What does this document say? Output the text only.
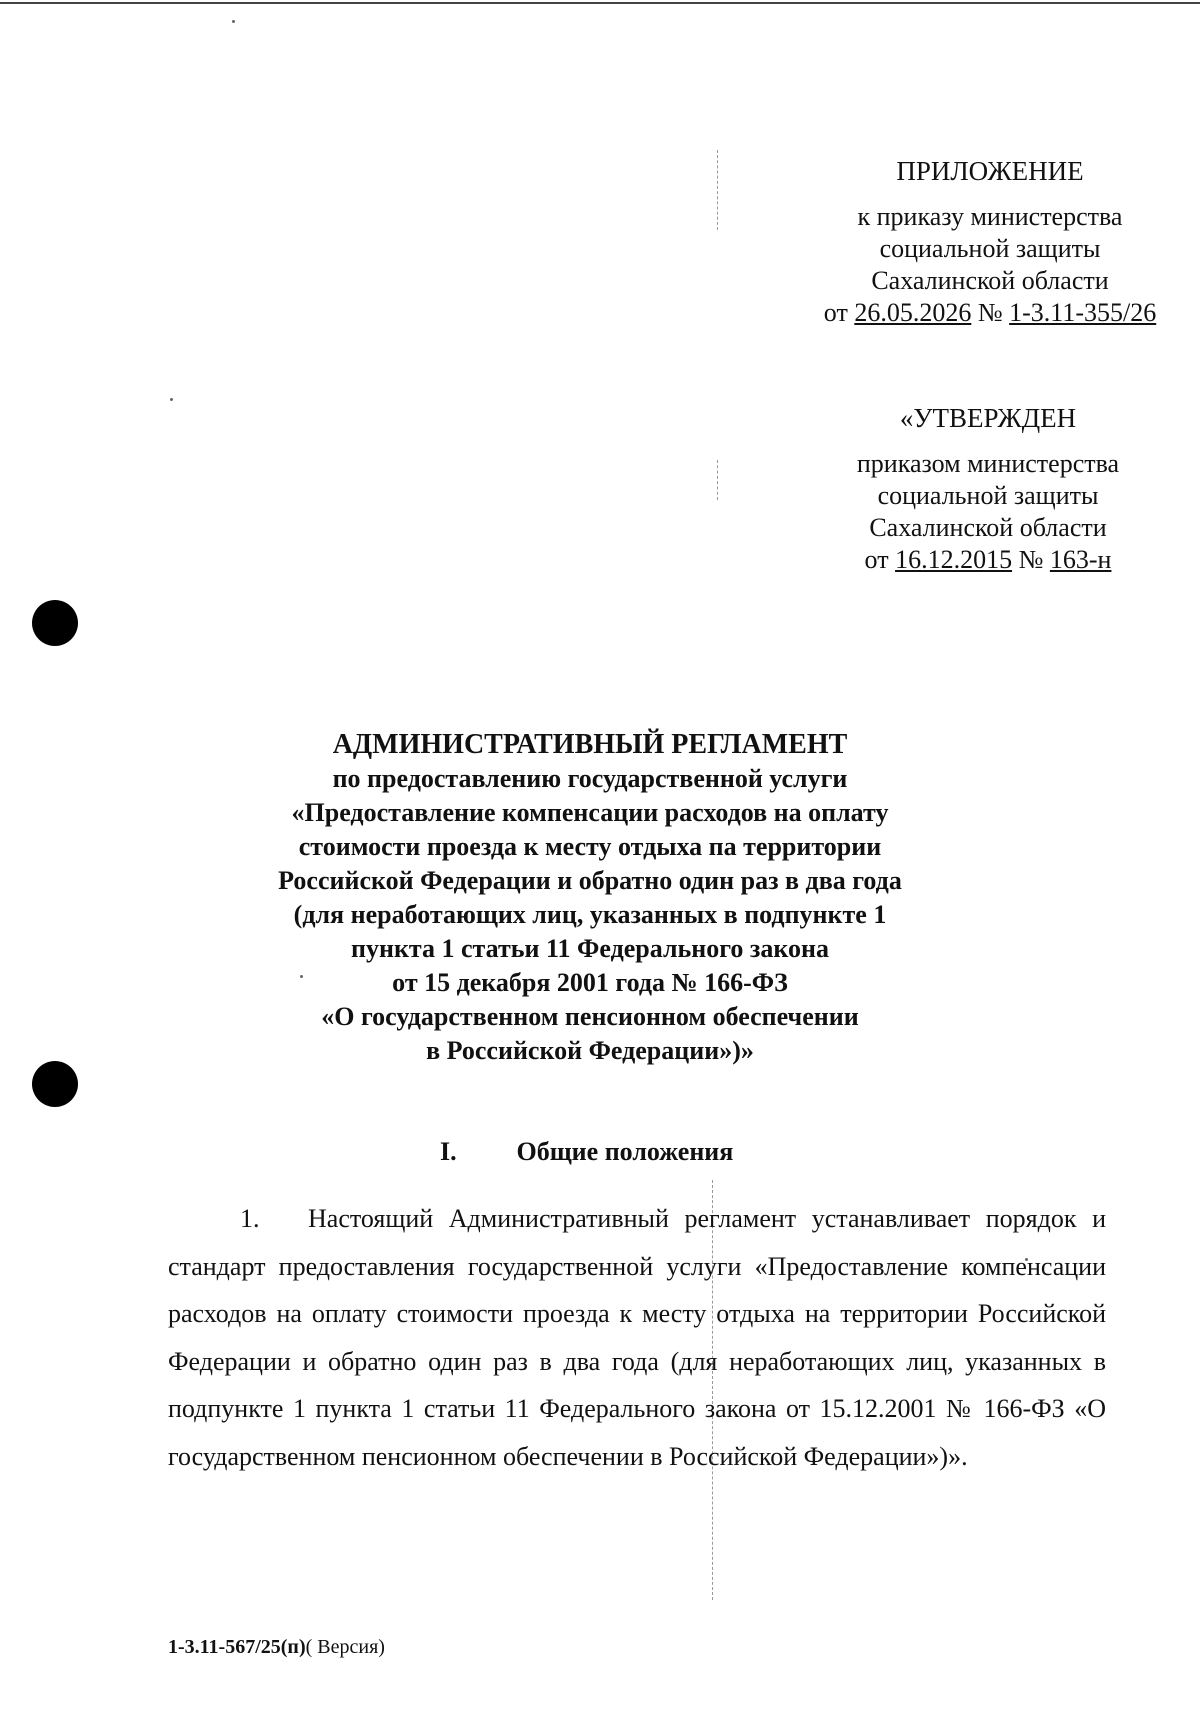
ПРИЛОЖЕНИЕ
к приказу министерства
социальной защиты
Сахалинской области
от 26.05.2026 № 1-3.11-355/26
«УТВЕРЖДЕН
приказом министерства
социальной защиты
Сахалинской области
от 16.12.2015 № 163-н
АДМИНИСТРАТИВНЫЙ РЕГЛАМЕНТ
по предоставлению государственной услуги
«Предоставление компенсации расходов на оплату
стоимости проезда к месту отдыха па территории
Российской Федерации и обратно один раз в два года
(для неработающих лиц, указанных в подпункте 1
пункта 1 статьи 11 Федерального закона
от 15 декабря 2001 года № 166-ФЗ
«О государственном пенсионном обеспечении
в Российской Федерации»)»
I. Общие положения
1. Настоящий Административный регламент устанавливает порядок и стандарт предоставления государственной услуги «Предоставление компенсации расходов на оплату стоимости проезда к месту отдыха на территории Российской Федерации и обратно один раз в два года (для неработающих лиц, указанных в подпункте 1 пункта 1 статьи 11 Федерального закона от 15.12.2001 № 166-ФЗ «О государственном пенсионном обеспечении в Российской Федерации»)».
1-3.11-567/25(п)( Версия)
